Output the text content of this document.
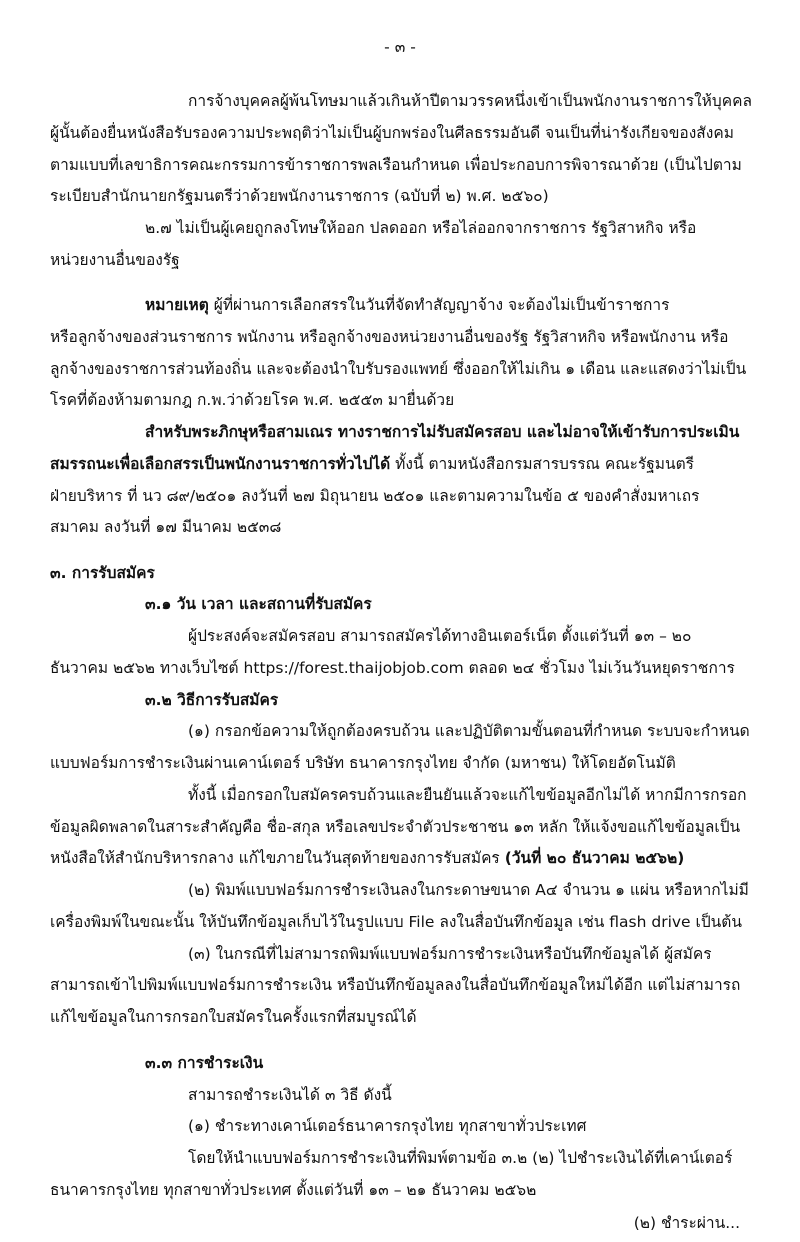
- ๓ -
การจ้างบุคคลผู้พ้นโทษมาแล้วเกินห้าปีตามวรรคหนึ่งเข้าเป็นพนักงานราชการให้บุคคล
ผู้นั้นต้องยื่นหนังสือรับรองความประพฤติว่าไม่เป็นผู้บกพร่องในศีลธรรมอันดี จนเป็นที่น่ารังเกียจของสังคม
ตามแบบที่เลขาธิการคณะกรรมการข้าราชการพลเรือนกำหนด เพื่อประกอบการพิจารณาด้วย (เป็นไปตาม
ระเบียบสำนักนายกรัฐมนตรีว่าด้วยพนักงานราชการ (ฉบับที่ ๒) พ.ศ. ๒๕๖๐)
๒.๗ ไม่เป็นผู้เคยถูกลงโทษให้ออก ปลดออก หรือไล่ออกจากราชการ รัฐวิสาหกิจ หรือ
หน่วยงานอื่นของรัฐ
หมายเหตุ ผู้ที่ผ่านการเลือกสรรในวันที่จัดทำสัญญาจ้าง จะต้องไม่เป็นข้าราชการ
หรือลูกจ้างของส่วนราชการ พนักงาน หรือลูกจ้างของหน่วยงานอื่นของรัฐ รัฐวิสาหกิจ หรือพนักงาน หรือ
ลูกจ้างของราชการส่วนท้องถิ่น และจะต้องนำใบรับรองแพทย์ ซึ่งออกให้ไม่เกิน ๑ เดือน และแสดงว่าไม่เป็น
โรคที่ต้องห้ามตามกฎ ก.พ.ว่าด้วยโรค พ.ศ. ๒๕๕๓ มายื่นด้วย
สำหรับพระภิกษุหรือสามเณร ทางราชการไม่รับสมัครสอบ และไม่อาจให้เข้ารับการประเมิน
สมรรถนะเพื่อเลือกสรรเป็นพนักงานราชการทั่วไปได้ ทั้งนี้ ตามหนังสือกรมสารบรรณ คณะรัฐมนตรี
ฝ่ายบริหาร ที่ นว ๘๙/๒๕๐๑ ลงวันที่ ๒๗ มิถุนายน ๒๕๐๑ และตามความในข้อ ๕ ของคำสั่งมหาเถร
สมาคม ลงวันที่ ๑๗ มีนาคม ๒๕๓๘
๓. การรับสมัคร
๓.๑ วัน เวลา และสถานที่รับสมัคร
ผู้ประสงค์จะสมัครสอบ สามารถสมัครได้ทางอินเตอร์เน็ต ตั้งแต่วันที่ ๑๓ – ๒๐
ธันวาคม ๒๕๖๒ ทางเว็บไซต์ https://forest.thaijobjob.com ตลอด ๒๔ ชั่วโมง ไม่เว้นวันหยุดราชการ
๓.๒ วิธีการรับสมัคร
(๑) กรอกข้อความให้ถูกต้องครบถ้วน และปฏิบัติตามขั้นตอนที่กำหนด ระบบจะกำหนด
แบบฟอร์มการชำระเงินผ่านเคาน์เตอร์ บริษัท ธนาคารกรุงไทย จำกัด (มหาชน) ให้โดยอัตโนมัติ
ทั้งนี้ เมื่อกรอกใบสมัครครบถ้วนและยืนยันแล้วจะแก้ไขข้อมูลอีกไม่ได้ หากมีการกรอก
ข้อมูลผิดพลาดในสาระสำคัญคือ ชื่อ-สกุล หรือเลขประจำตัวประชาชน ๑๓ หลัก ให้แจ้งขอแก้ไขข้อมูลเป็น
หนังสือให้สำนักบริหารกลาง แก้ไขภายในวันสุดท้ายของการรับสมัคร (วันที่ ๒๐ ธันวาคม ๒๕๖๒)
(๒) พิมพ์แบบฟอร์มการชำระเงินลงในกระดาษขนาด A๔ จำนวน ๑ แผ่น หรือหากไม่มี
เครื่องพิมพ์ในขณะนั้น ให้บันทึกข้อมูลเก็บไว้ในรูปแบบ File ลงในสื่อบันทึกข้อมูล เช่น flash drive เป็นต้น
(๓) ในกรณีที่ไม่สามารถพิมพ์แบบฟอร์มการชำระเงินหรือบันทึกข้อมูลได้ ผู้สมัคร
สามารถเข้าไปพิมพ์แบบฟอร์มการชำระเงิน หรือบันทึกข้อมูลลงในสื่อบันทึกข้อมูลใหม่ได้อีก แต่ไม่สามารถ
แก้ไขข้อมูลในการกรอกใบสมัครในครั้งแรกที่สมบูรณ์ได้
๓.๓ การชำระเงิน
สามารถชำระเงินได้ ๓ วิธี ดังนี้
(๑) ชำระทางเคาน์เตอร์ธนาคารกรุงไทย ทุกสาขาทั่วประเทศ
โดยให้นำแบบฟอร์มการชำระเงินที่พิมพ์ตามข้อ ๓.๒ (๒) ไปชำระเงินได้ที่เคาน์เตอร์
ธนาคารกรุงไทย ทุกสาขาทั่วประเทศ ตั้งแต่วันที่ ๑๓ – ๒๑ ธันวาคม ๒๕๖๒
(๒) ชำระผ่าน...
